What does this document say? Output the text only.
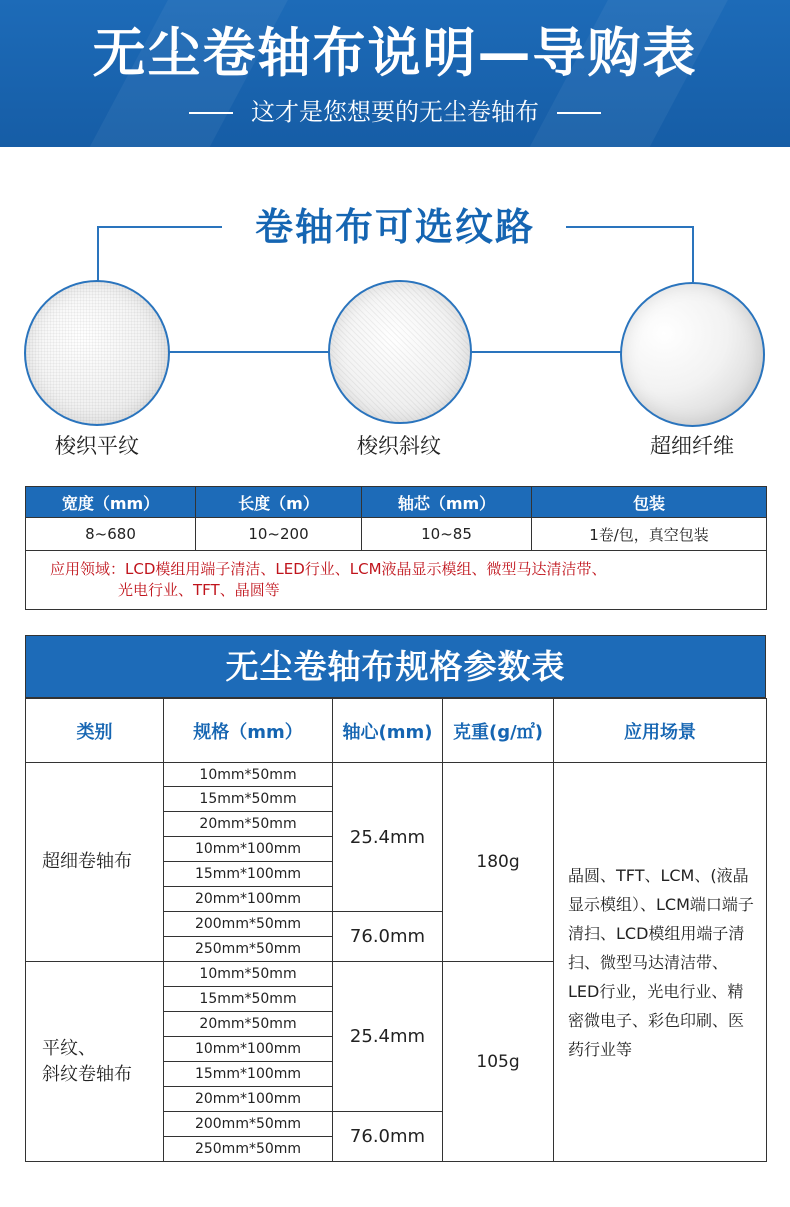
无尘卷轴布说明—导购表
这才是您想要的无尘卷轴布
卷轴布可选纹路
梭织平纹	梭织斜纹	超细纤维
宽度（mm）	长度（m）	轴芯（mm）	包装
8~680	10~200	10~85	1卷/包，真空包装
应用领域：LCD模组用端子清洁、LED行业、LCM液晶显示模组、微型马达清洁带、
光电行业、TFT、晶圆等			
无尘卷轴布规格参数表
类别	规格（mm）	轴心(mm)	克重(g/㎡)	应用场景
超细卷轴布	10mm*50mm	25.4mm	180g	晶圆、TFT、LCM、(液晶显示模组）、LCM端口端子清扫、LCD模组用端子清扫、微型马达清洁带、LED行业，光电行业、精密微电子、彩色印刷、医药行业等
	15mm*50mm			
	20mm*50mm			
	10mm*100mm			
	15mm*100mm			
	20mm*100mm			
	200mm*50mm	76.0mm		
	250mm*50mm			
平纹、
斜纹卷轴布	10mm*50mm	25.4mm	105g	
	15mm*50mm			
	20mm*50mm			
	10mm*100mm			
	15mm*100mm			
	20mm*100mm			
	200mm*50mm	76.0mm		
	250mm*50mm			
